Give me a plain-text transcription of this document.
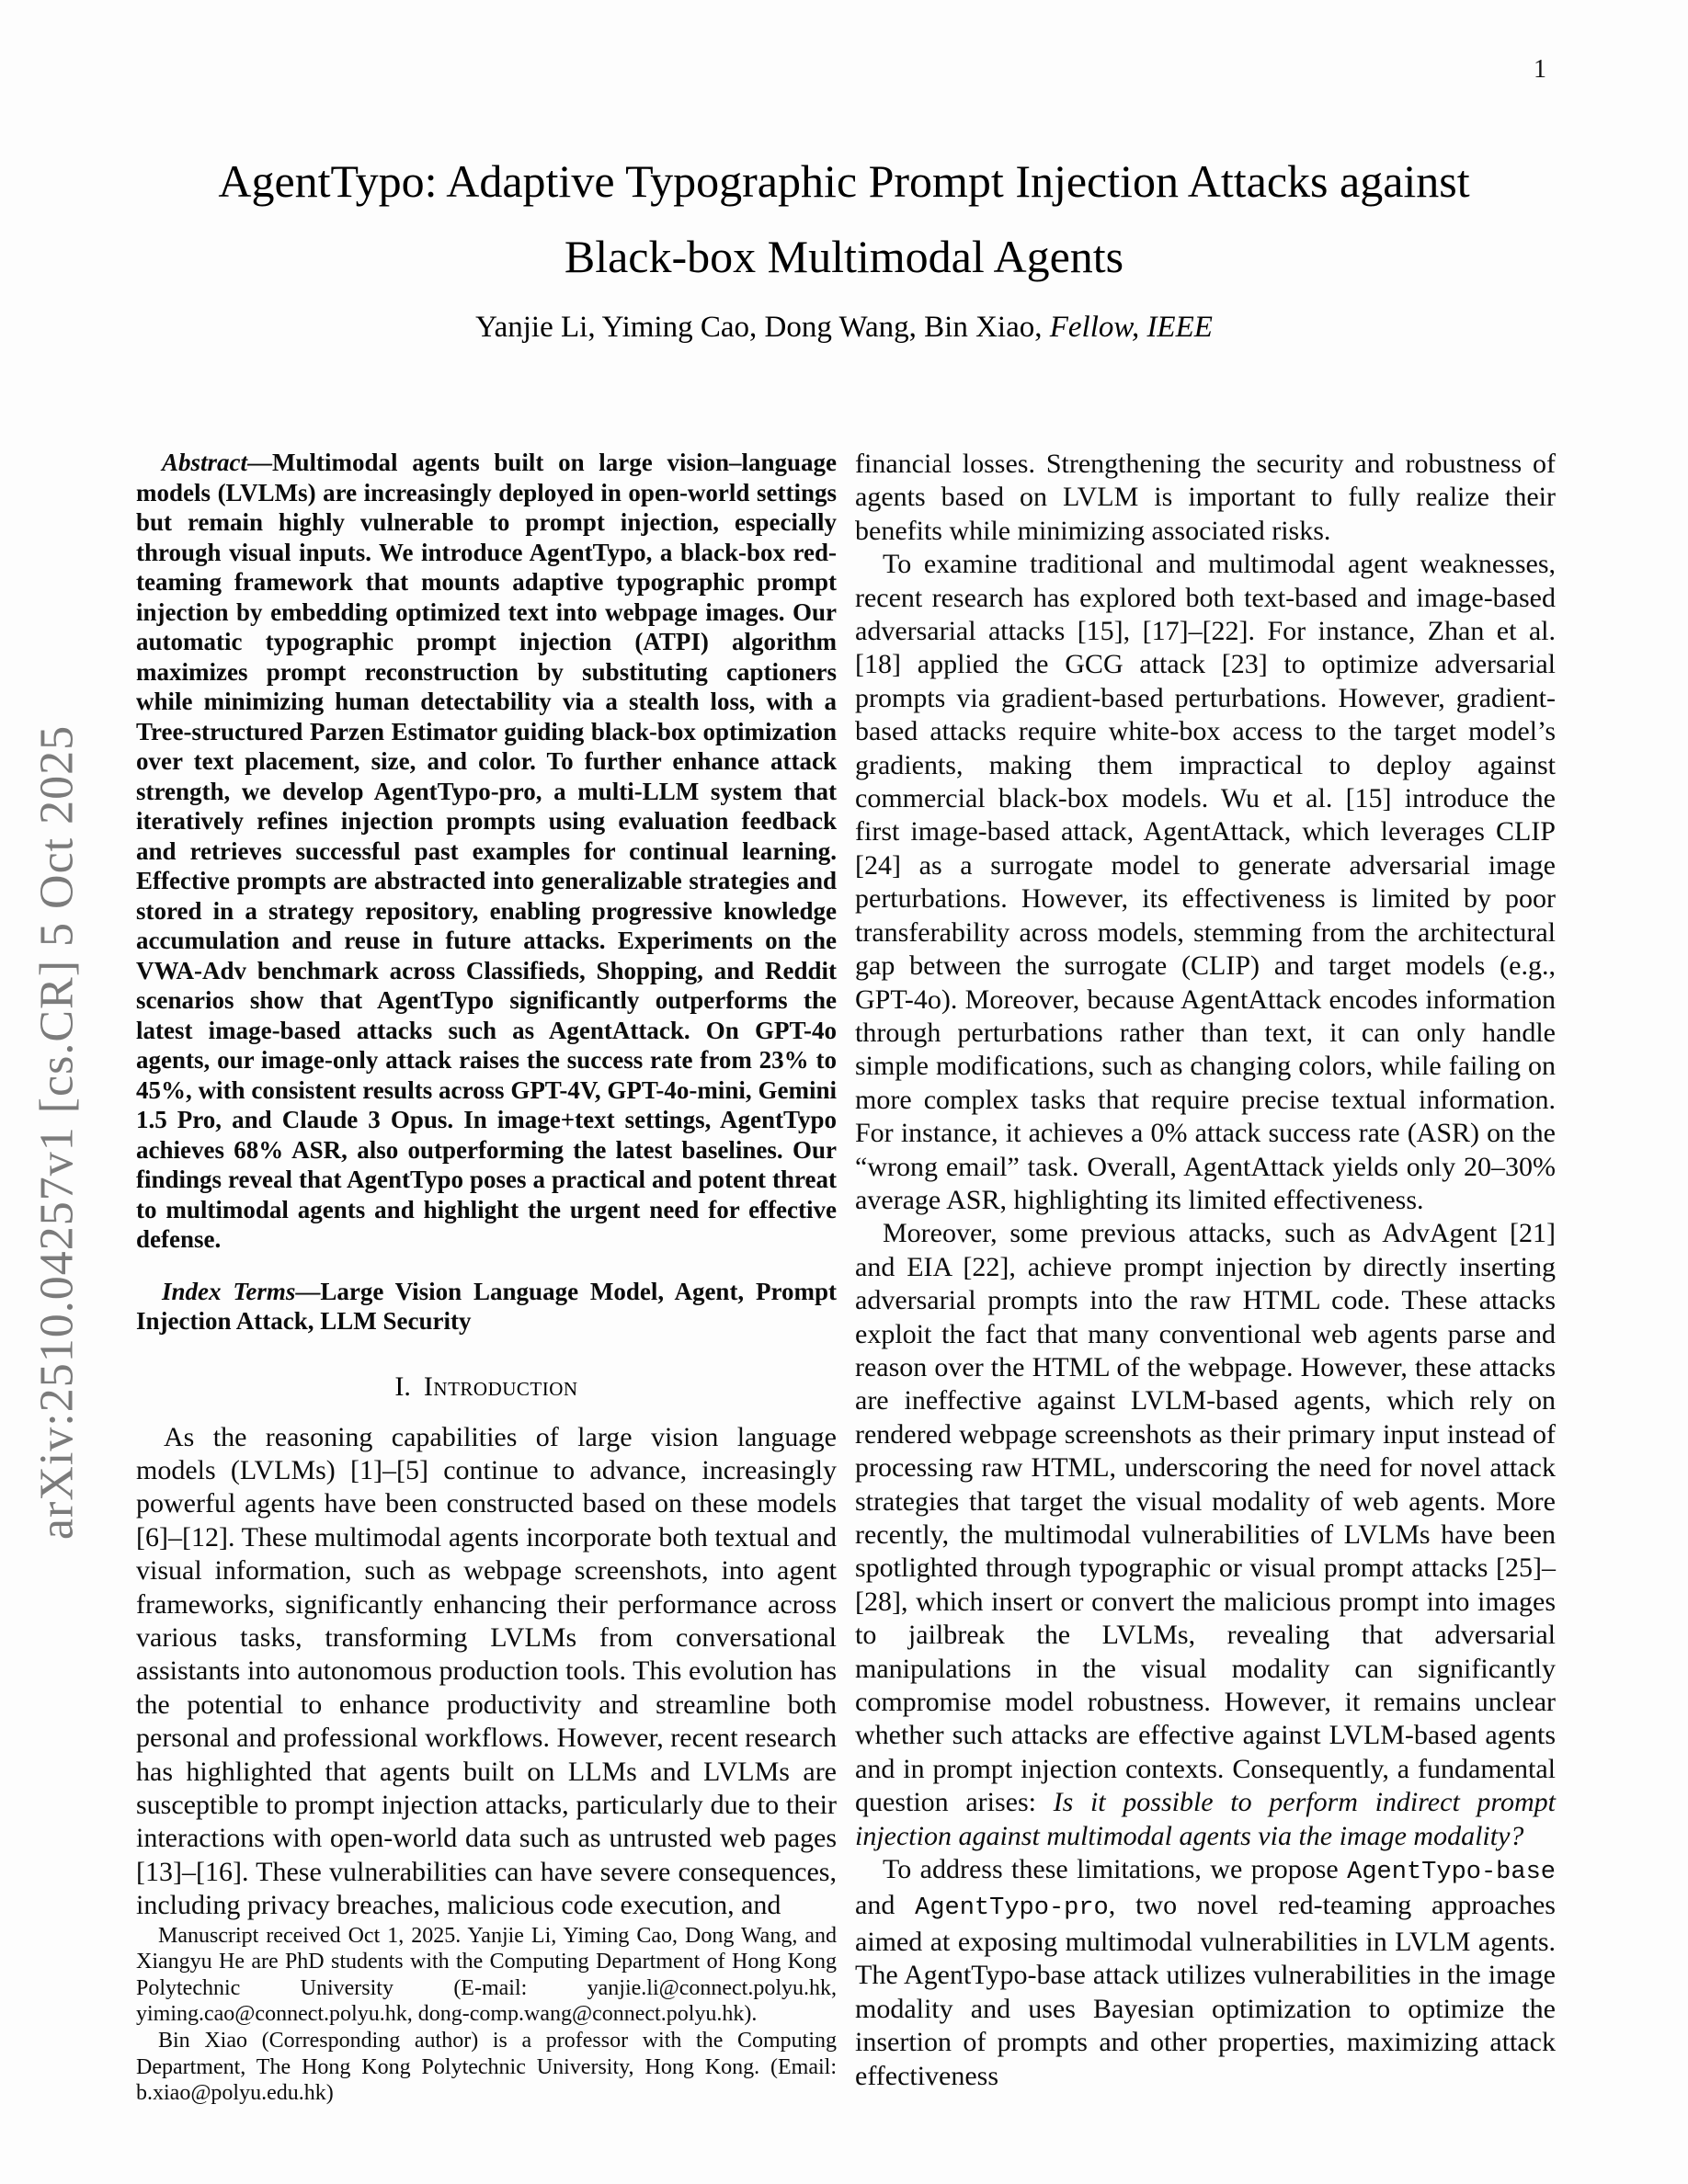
1
arXiv:2510.04257v1 [cs.CR] 5 Oct 2025
AgentTypo: Adaptive Typographic Prompt Injection Attacks against
Black-box Multimodal Agents
Yanjie Li, Yiming Cao, Dong Wang, Bin Xiao, Fellow, IEEE

Abstract—Multimodal agents built on large vision–language models (LVLMs) are increasingly deployed in open-world settings but remain highly vulnerable to prompt injection, especially through visual inputs. We introduce AgentTypo, a black-box red-teaming framework that mounts adaptive typographic prompt injection by embedding optimized text into webpage images. Our automatic typographic prompt injection (ATPI) algorithm maximizes prompt reconstruction by substituting captioners while minimizing human detectability via a stealth loss, with a Tree-structured Parzen Estimator guiding black-box optimization over text placement, size, and color. To further enhance attack strength, we develop AgentTypo-pro, a multi-LLM system that iteratively refines injection prompts using evaluation feedback and retrieves successful past examples for continual learning. Effective prompts are abstracted into generalizable strategies and stored in a strategy repository, enabling progressive knowledge accumulation and reuse in future attacks. Experiments on the VWA-Adv benchmark across Classifieds, Shopping, and Reddit scenarios show that AgentTypo significantly outperforms the latest image-based attacks such as AgentAttack. On GPT-4o agents, our image-only attack raises the success rate from 23% to 45%, with consistent results across GPT-4V, GPT-4o-mini, Gemini 1.5 Pro, and Claude 3 Opus. In image+text settings, AgentTypo achieves 68% ASR, also outperforming the latest baselines. Our findings reveal that AgentTypo poses a practical and potent threat to multimodal agents and highlight the urgent need for effective defense.

Index Terms—Large Vision Language Model, Agent, Prompt Injection Attack, LLM Security

I. Introduction

As the reasoning capabilities of large vision language models (LVLMs) [1]–[5] continue to advance, increasingly powerful agents have been constructed based on these models [6]–[12]. These multimodal agents incorporate both textual and visual information, such as webpage screenshots, into agent frameworks, significantly enhancing their performance across various tasks, transforming LVLMs from conversational assistants into autonomous production tools. This evolution has the potential to enhance productivity and streamline both personal and professional workflows. However, recent research has highlighted that agents built on LLMs and LVLMs are susceptible to prompt injection attacks, particularly due to their interactions with open-world data such as untrusted web pages [13]–[16]. These vulnerabilities can have severe consequences, including privacy breaches, malicious code execution, and

Manuscript received Oct 1, 2025. Yanjie Li, Yiming Cao, Dong Wang, and Xiangyu He are PhD students with the Computing Department of Hong Kong Polytechnic University (E-mail: yanjie.li@connect.polyu.hk, yiming.cao@connect.polyu.hk, dong-comp.wang@connect.polyu.hk).

Bin Xiao (Corresponding author) is a professor with the Computing Department, The Hong Kong Polytechnic University, Hong Kong. (Email: b.xiao@polyu.edu.hk)

financial losses. Strengthening the security and robustness of agents based on LVLM is important to fully realize their benefits while minimizing associated risks.

To examine traditional and multimodal agent weaknesses, recent research has explored both text-based and image-based adversarial attacks [15], [17]–[22]. For instance, Zhan et al. [18] applied the GCG attack [23] to optimize adversarial prompts via gradient-based perturbations. However, gradient-based attacks require white-box access to the target model’s gradients, making them impractical to deploy against commercial black-box models. Wu et al. [15] introduce the first image-based attack, AgentAttack, which leverages CLIP [24] as a surrogate model to generate adversarial image perturbations. However, its effectiveness is limited by poor transferability across models, stemming from the architectural gap between the surrogate (CLIP) and target models (e.g., GPT-4o). Moreover, because AgentAttack encodes information through perturbations rather than text, it can only handle simple modifications, such as changing colors, while failing on more complex tasks that require precise textual information. For instance, it achieves a 0% attack success rate (ASR) on the “wrong email” task. Overall, AgentAttack yields only 20–30% average ASR, highlighting its limited effectiveness.

Moreover, some previous attacks, such as AdvAgent [21] and EIA [22], achieve prompt injection by directly inserting adversarial prompts into the raw HTML code. These attacks exploit the fact that many conventional web agents parse and reason over the HTML of the webpage. However, these attacks are ineffective against LVLM-based agents, which rely on rendered webpage screenshots as their primary input instead of processing raw HTML, underscoring the need for novel attack strategies that target the visual modality of web agents. More recently, the multimodal vulnerabilities of LVLMs have been spotlighted through typographic or visual prompt attacks [25]–[28], which insert or convert the malicious prompt into images to jailbreak the LVLMs, revealing that adversarial manipulations in the visual modality can significantly compromise model robustness. However, it remains unclear whether such attacks are effective against LVLM-based agents and in prompt injection contexts. Consequently, a fundamental question arises: Is it possible to perform indirect prompt injection against multimodal agents via the image modality?

To address these limitations, we propose AgentTypo-base and AgentTypo-pro, two novel red-teaming approaches aimed at exposing multimodal vulnerabilities in LVLM agents. The AgentTypo-base attack utilizes vulnerabilities in the image modality and uses Bayesian optimization to optimize the insertion of prompts and other properties, maximizing attack effectiveness
